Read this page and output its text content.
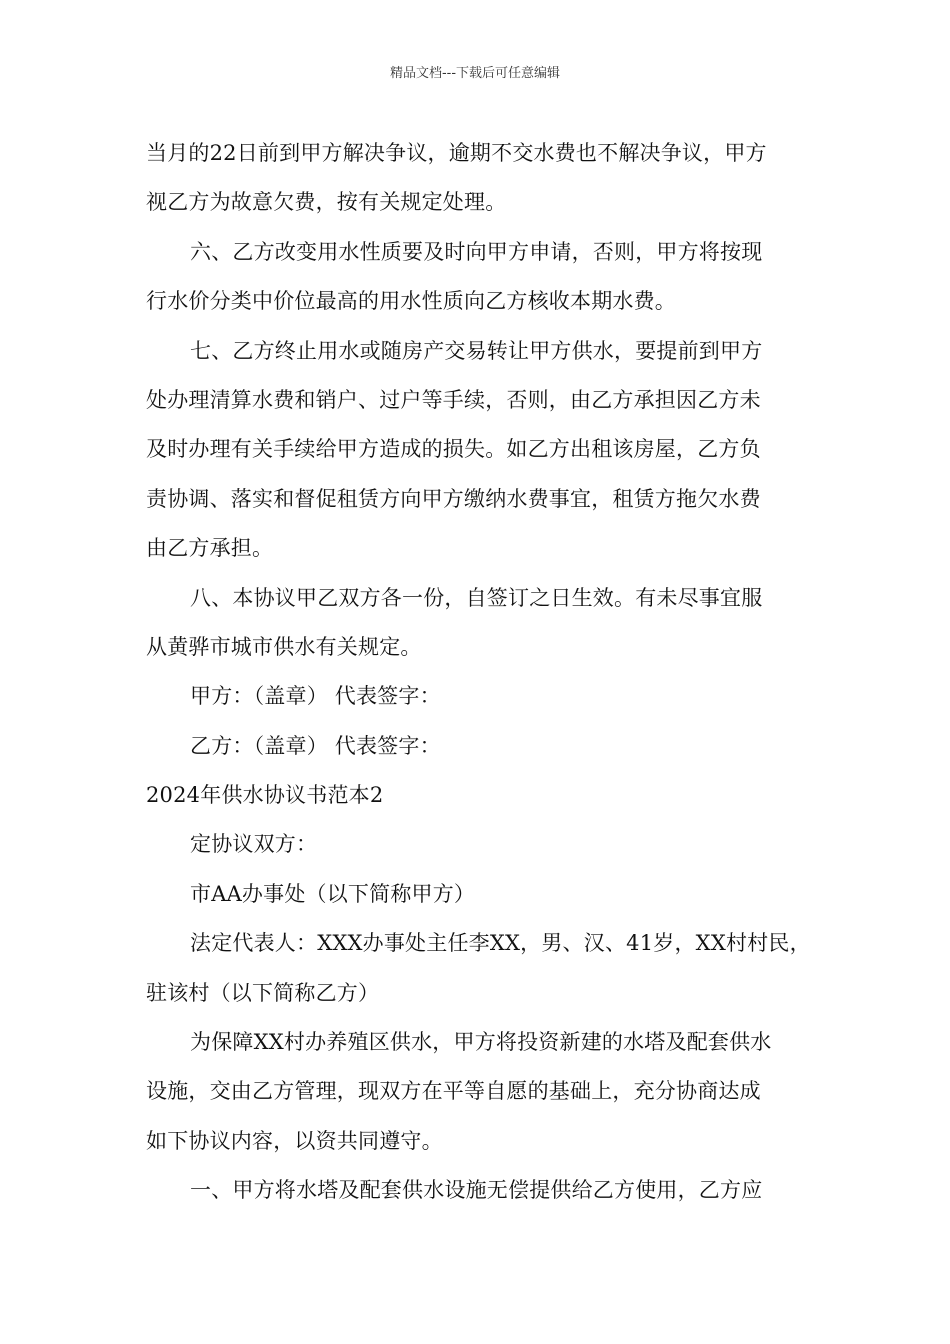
精品文档---下载后可任意编辑
当月的22日前到甲方解决争议，逾期不交水费也不解决争议，甲方
视乙方为故意欠费，按有关规定处理。
六、乙方改变用水性质要及时向甲方申请，否则，甲方将按现
行水价分类中价位最高的用水性质向乙方核收本期水费。
七、乙方终止用水或随房产交易转让甲方供水，要提前到甲方
处办理清算水费和销户、过户等手续，否则，由乙方承担因乙方未
及时办理有关手续给甲方造成的损失。如乙方出租该房屋，乙方负
责协调、落实和督促租赁方向甲方缴纳水费事宜，租赁方拖欠水费
由乙方承担。
八、本协议甲乙双方各一份，自签订之日生效。有未尽事宜服
从黄骅市城市供水有关规定。
甲方：（盖章） 代表签字：
乙方：（盖章） 代表签字：
2024年供水协议书范本2
定协议双方：
市AA办事处（以下简称甲方）
法定代表人：XXX办事处主任李XX，男、汉、41岁，XX村村民，
驻该村（以下简称乙方）
为保障XX村办养殖区供水，甲方将投资新建的水塔及配套供水
设施，交由乙方管理，现双方在平等自愿的基础上，充分协商达成
如下协议内容，以资共同遵守。
一、甲方将水塔及配套供水设施无偿提供给乙方使用，乙方应
